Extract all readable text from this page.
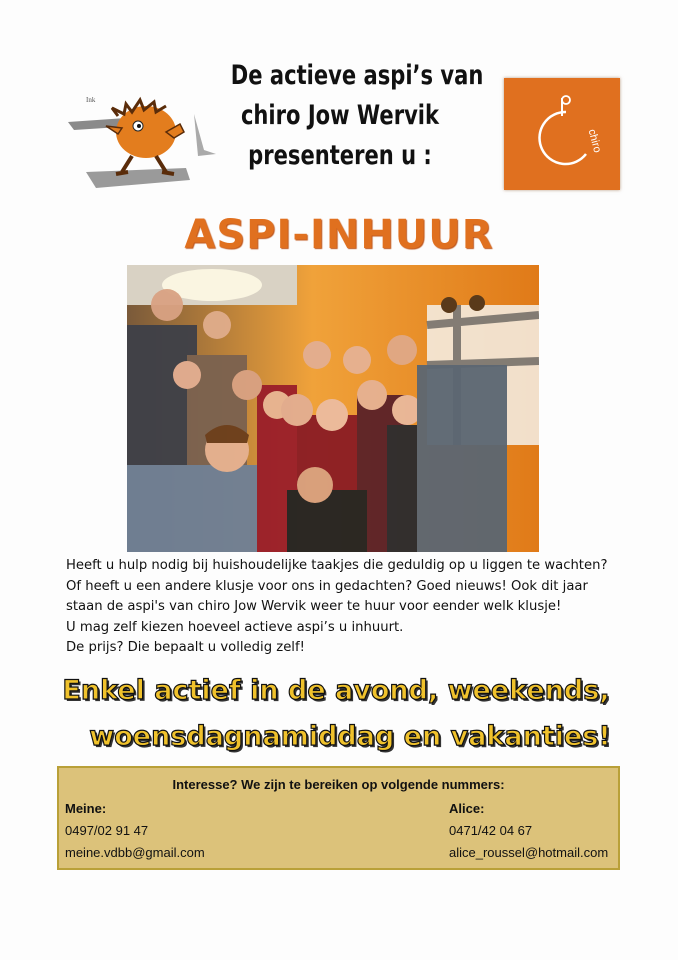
Ink
De actieve aspi’s van
chiro Jow Wervik
presenteren u :	chiro
ASPI-INHUUR
Heeft u hulp nodig bij huishoudelijke taakjes die geduldig op u liggen te wachten?
Of heeft u een andere klusje voor ons in gedachten? Goed nieuws! Ook dit jaar
staan de aspi's van chiro Jow Wervik weer te huur voor eender welk klusje!
U mag zelf kiezen hoeveel actieve aspi’s u inhuurt.
De prijs? Die bepaalt u volledig zelf!
Enkel actief in de avond, weekends,
woensdagnamiddag en vakanties!
Interesse? We zijn te bereiken op volgende nummers:
Meine:
0497/02 91 47
meine.vdbb@gmail.com
Alice:
0471/42 04 67
alice_roussel@hotmail.com
